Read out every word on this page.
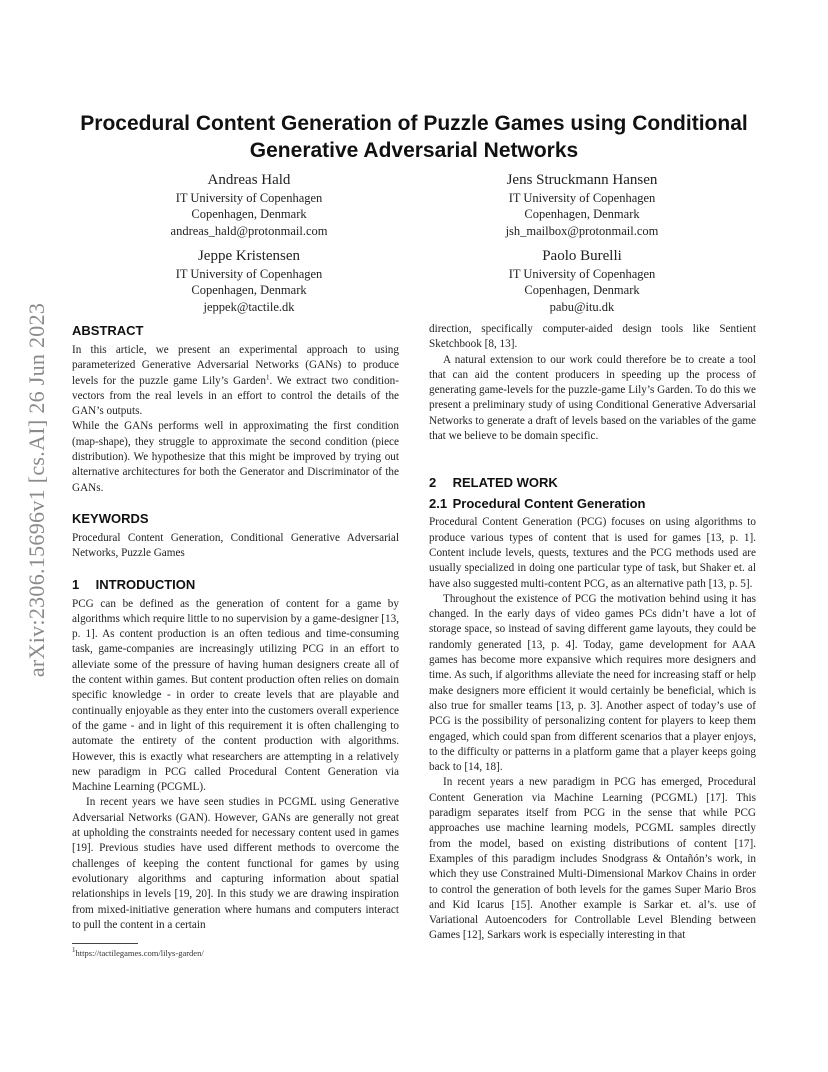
arXiv:2306.15696v1 [cs.AI] 26 Jun 2023
Procedural Content Generation of Puzzle Games using Conditional Generative Adversarial Networks
Andreas Hald
IT University of Copenhagen
Copenhagen, Denmark
andreas_hald@protonmail.com
Jens Struckmann Hansen
IT University of Copenhagen
Copenhagen, Denmark
jsh_mailbox@protonmail.com
Jeppe Kristensen
IT University of Copenhagen
Copenhagen, Denmark
jeppek@tactile.dk
Paolo Burelli
IT University of Copenhagen
Copenhagen, Denmark
pabu@itu.dk
ABSTRACT

In this article, we present an experimental approach to using parameterized Generative Adversarial Networks (GANs) to produce levels for the puzzle game Lily’s Garden$^1$. We extract two condition-vectors from the real levels in an effort to control the details of the GAN’s outputs.

While the GANs performs well in approximating the first condition (map-shape), they struggle to approximate the second condition (piece distribution). We hypothesize that this might be improved by trying out alternative architectures for both the Generator and Discriminator of the GANs.

KEYWORDS

Procedural Content Generation, Conditional Generative Adversarial Networks, Puzzle Games

1 INTRODUCTION

PCG can be defined as the generation of content for a game by algorithms which require little to no supervision by a game-designer [13, p. 1]. As content production is an often tedious and time-consuming task, game-companies are increasingly utilizing PCG in an effort to alleviate some of the pressure of having human designers create all of the content within games. But content production often relies on domain specific knowledge - in order to create levels that are playable and continually enjoyable as they enter into the customers overall experience of the game - and in light of this requirement it is often challenging to automate the entirety of the content production with algorithms. However, this is exactly what researchers are attempting in a relatively new paradigm in PCG called Procedural Content Generation via Machine Learning (PCGML).

In recent years we have seen studies in PCGML using Generative Adversarial Networks (GAN). However, GANs are generally not great at upholding the constraints needed for necessary content used in games [19]. Previous studies have used different methods to overcome the challenges of keeping the content functional for games by using evolutionary algorithms and capturing information about spatial relationships in levels [19, 20]. In this study we are drawing inspiration from mixed-initiative generation where humans and computers interact to pull the content in a certain

direction, specifically computer-aided design tools like Sentient Sketchbook [8, 13].

A natural extension to our work could therefore be to create a tool that can aid the content producers in speeding up the process of generating game-levels for the puzzle-game Lily’s Garden. To do this we present a preliminary study of using Conditional Generative Adversarial Networks to generate a draft of levels based on the variables of the game that we believe to be domain specific.

2 RELATED WORK
2.1 Procedural Content Generation

Procedural Content Generation (PCG) focuses on using algorithms to produce various types of content that is used for games [13, p. 1]. Content include levels, quests, textures and the PCG methods used are usually specialized in doing one particular type of task, but Shaker et. al have also suggested multi-content PCG, as an alternative path [13, p. 5].

Throughout the existence of PCG the motivation behind using it has changed. In the early days of video games PCs didn’t have a lot of storage space, so instead of saving different game layouts, they could be randomly generated [13, p. 4]. Today, game development for AAA games has become more expansive which requires more designers and time. As such, if algorithms alleviate the need for increasing staff or help make designers more efficient it would certainly be beneficial, which is also true for smaller teams [13, p. 3]. Another aspect of today’s use of PCG is the possibility of personalizing content for players to keep them engaged, which could span from different scenarios that a player enjoys, to the difficulty or patterns in a platform game that a player keeps going back to [14, 18].

In recent years a new paradigm in PCG has emerged, Procedural Content Generation via Machine Learning (PCGML) [17]. This paradigm separates itself from PCG in the sense that while PCG approaches use machine learning models, PCGML samples directly from the model, based on existing distributions of content [17]. Examples of this paradigm includes Snodgrass & Ontañón’s work, in which they use Constrained Multi-Dimensional Markov Chains in order to control the generation of both levels for the games Super Mario Bros and Kid Icarus [15]. Another example is Sarkar et. al’s. use of Variational Autoencoders for Controllable Level Blending between Games [12], Sarkars work is especially interesting in that

$^1$https://tactilegames.com/lilys-garden/
